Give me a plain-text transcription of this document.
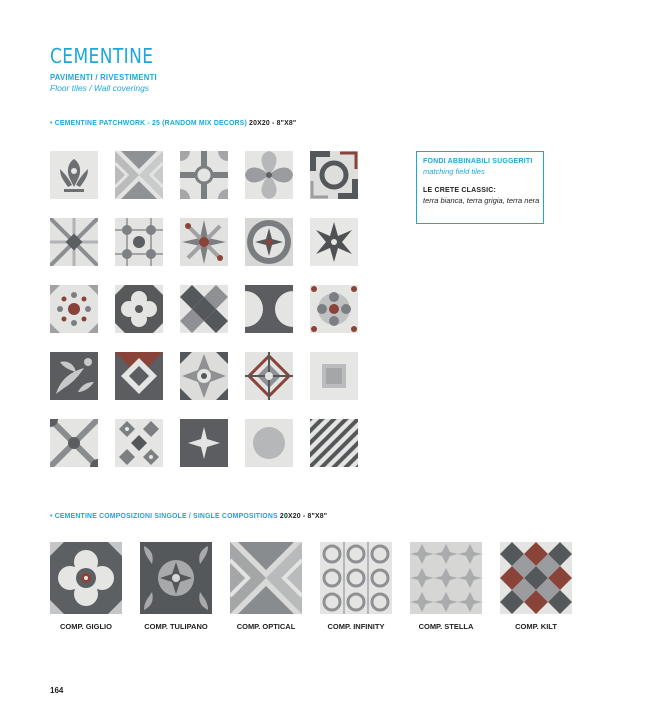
CEMENTINE
PAVIMENTI / RIVESTIMENTI
Floor tiles / Wall coverings
• CEMENTINE PATCHWORK - 25 (RANDOM MIX DECORS) 20X20 - 8"X8"
FONDI ABBINABILI SUGGERITI
matching field tiles
LE CRETE CLASSIC:
terra bianca, terra grigia, terra nera
• CEMENTINE COMPOSIZIONI SINGOLE / SINGLE COMPOSITIONS 20X20 - 8"X8"
COMP. GIGLIO	COMP. TULIPANO	COMP. OPTICAL	COMP. INFINITY	COMP. STELLA	COMP. KILT
164
